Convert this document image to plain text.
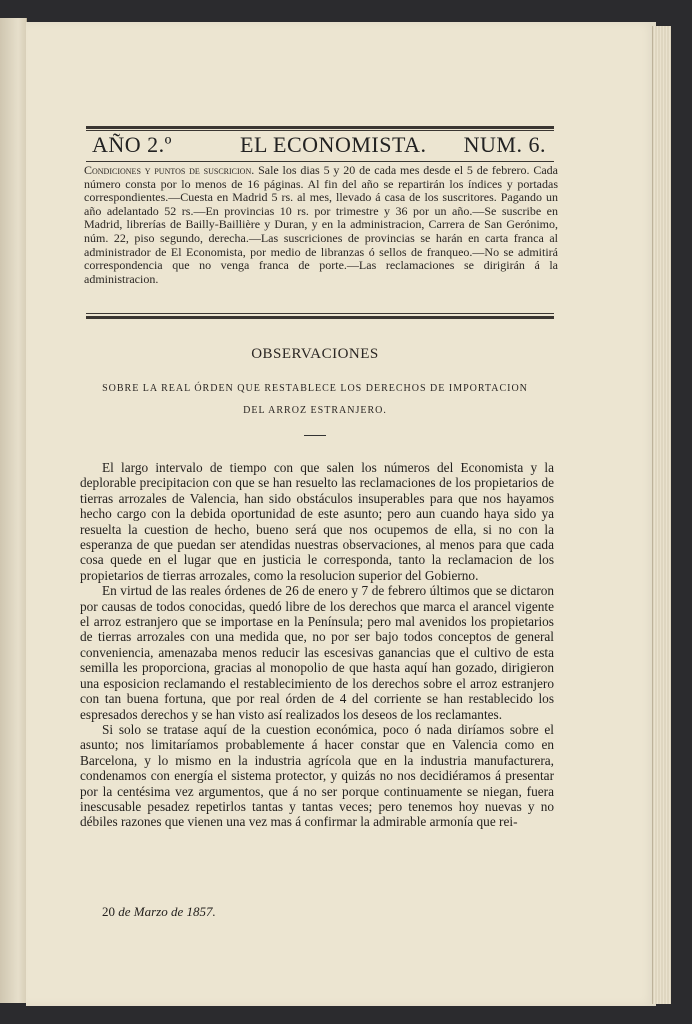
AÑO 2.º	EL ECONOMISTA. NUM. 6.
Condiciones y puntos de suscricion. Sale los dias 5 y 20 de cada mes desde el 5 de febrero. Cada número consta por lo menos de 16 páginas. Al fin del año se repartirán los índices y portadas correspondientes.—Cuesta en Madrid 5 rs. al mes, llevado á casa de los suscritores. Pagando un año adelantado 52 rs.—En provincias 10 rs. por trimestre y 36 por un año.—Se suscribe en Madrid, librerías de Bailly-Baillière y Duran, y en la administracion, Carrera de San Gerónimo, núm. 22, piso segundo, derecha.—Las suscriciones de provincias se harán en carta franca al administrador de El Economista, por medio de libranzas ó sellos de franqueo.—No se admitirá correspondencia que no venga franca de porte.—Las reclamaciones se dirigirán á la administracion.
OBSERVACIONES
SOBRE LA REAL ÓRDEN QUE RESTABLECE LOS DERECHOS DE IMPORTACION
DEL ARROZ ESTRANJERO.

El largo intervalo de tiempo con que salen los números del Economista y la deplorable precipitacion con que se han resuelto las reclamaciones de los propietarios de tierras arrozales de Valencia, han sido obstáculos insuperables para que nos hayamos hecho cargo con la debida oportunidad de este asunto; pero aun cuando haya sido ya resuelta la cuestion de hecho, bueno será que nos ocupemos de ella, si no con la esperanza de que puedan ser atendidas nuestras observaciones, al menos para que cada cosa quede en el lugar que en justicia le corresponda, tanto la reclamacion de los propietarios de tierras arrozales, como la resolucion superior del Gobierno.

En virtud de las reales órdenes de 26 de enero y 7 de febrero últimos que se dictaron por causas de todos conocidas, quedó libre de los derechos que marca el arancel vigente el arroz estranjero que se importase en la Península; pero mal avenidos los propietarios de tierras arrozales con una medida que, no por ser bajo todos conceptos de general conveniencia, amenazaba menos reducir las escesivas ganancias que el cultivo de esta semilla les proporciona, gracias al monopolio de que hasta aquí han gozado, dirigieron una esposicion reclamando el restablecimiento de los derechos sobre el arroz estranjero con tan buena fortuna, que por real órden de 4 del corriente se han restablecido los espresados derechos y se han visto así realizados los deseos de los reclamantes.

Si solo se tratase aquí de la cuestion económica, poco ó nada diríamos sobre el asunto; nos limitaríamos probablemente á hacer constar que en Valencia como en Barcelona, y lo mismo en la industria agrícola que en la industria manufacturera, condenamos con energía el sistema protector, y quizás no nos decidiéramos á presentar por la centésima vez argumentos, que á no ser porque continuamente se niegan, fuera inescusable pesadez repetirlos tantas y tantas veces; pero tenemos hoy nuevas y no débiles razones que vienen una vez mas á confirmar la admirable armonía que rei-

20 de Marzo de 1857.
